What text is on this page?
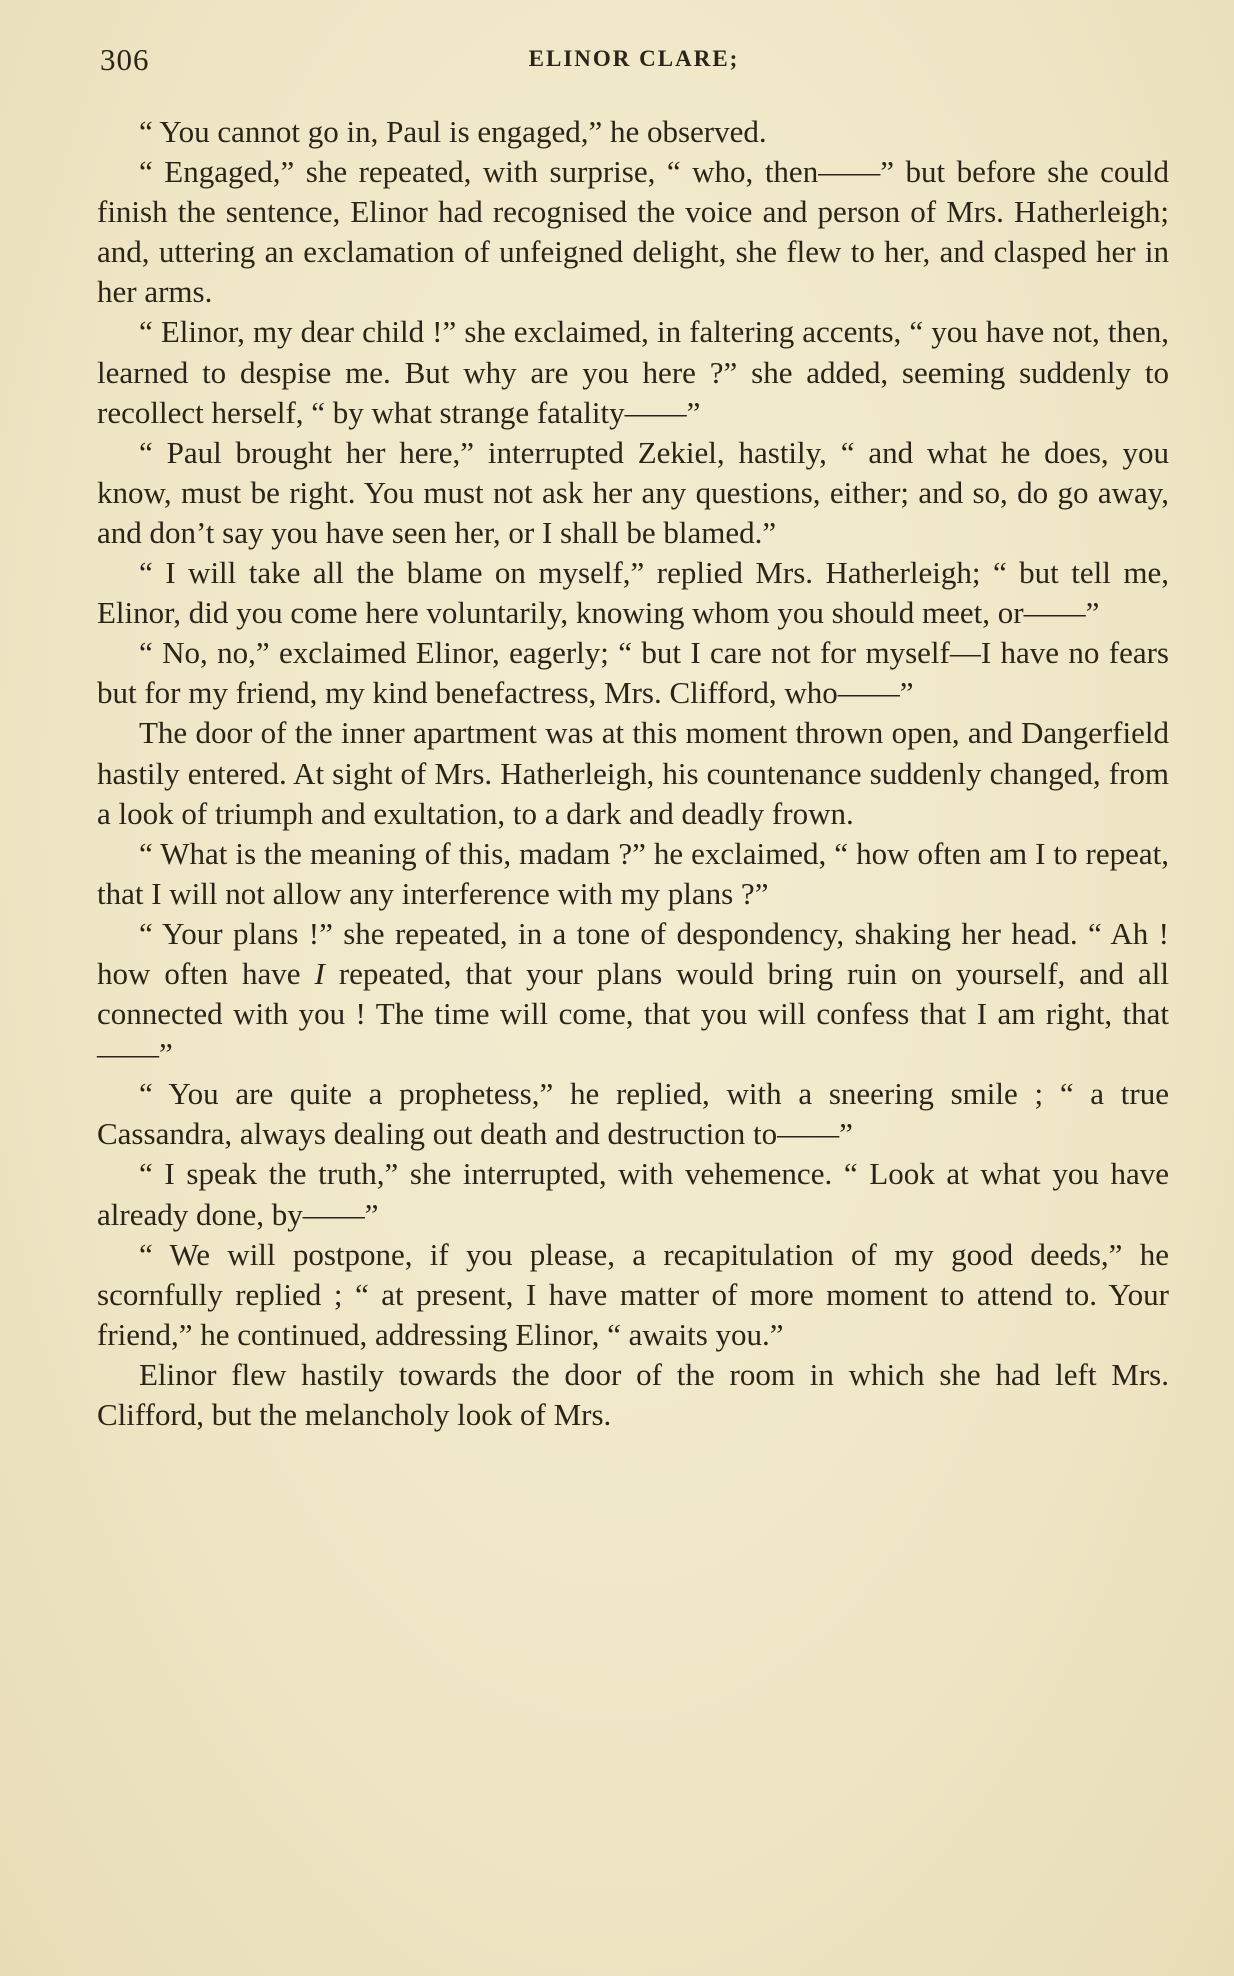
306	ELINOR CLARE;

“ You cannot go in, Paul is engaged,” he observed.

“ Engaged,” she repeated, with surprise, “ who, then——” but before she could finish the sentence, Elinor had recognised the voice and person of Mrs. Hatherleigh; and, uttering an exclamation of unfeigned delight, she flew to her, and clasped her in her arms.

“ Elinor, my dear child !” she exclaimed, in faltering accents, “ you have not, then, learned to despise me. But why are you here ?” she added, seeming suddenly to recollect herself, “ by what strange fatality——”

“ Paul brought her here,” interrupted Zekiel, hastily, “ and what he does, you know, must be right. You must not ask her any questions, either; and so, do go away, and don’t say you have seen her, or I shall be blamed.”

“ I will take all the blame on myself,” replied Mrs. Hatherleigh; “ but tell me, Elinor, did you come here voluntarily, knowing whom you should meet, or——”

“ No, no,” exclaimed Elinor, eagerly; “ but I care not for myself—I have no fears but for my friend, my kind benefactress, Mrs. Clifford, who——”

The door of the inner apartment was at this moment thrown open, and Dangerfield hastily entered. At sight of Mrs. Hatherleigh, his countenance suddenly changed, from a look of triumph and exultation, to a dark and deadly frown.

“ What is the meaning of this, madam ?” he exclaimed, “ how often am I to repeat, that I will not allow any interference with my plans ?”

“ Your plans !” she repeated, in a tone of despondency, shaking her head. “ Ah ! how often have I repeated, that your plans would bring ruin on yourself, and all connected with you ! The time will come, that you will confess that I am right, that——”

“ You are quite a prophetess,” he replied, with a sneering smile ; “ a true Cassandra, always dealing out death and destruction to——”

“ I speak the truth,” she interrupted, with vehemence. “ Look at what you have already done, by——”

“ We will postpone, if you please, a recapitulation of my good deeds,” he scornfully replied ; “ at present, I have matter of more moment to attend to. Your friend,” he continued, addressing Elinor, “ awaits you.”

Elinor flew hastily towards the door of the room in which she had left Mrs. Clifford, but the melancholy look of Mrs.
